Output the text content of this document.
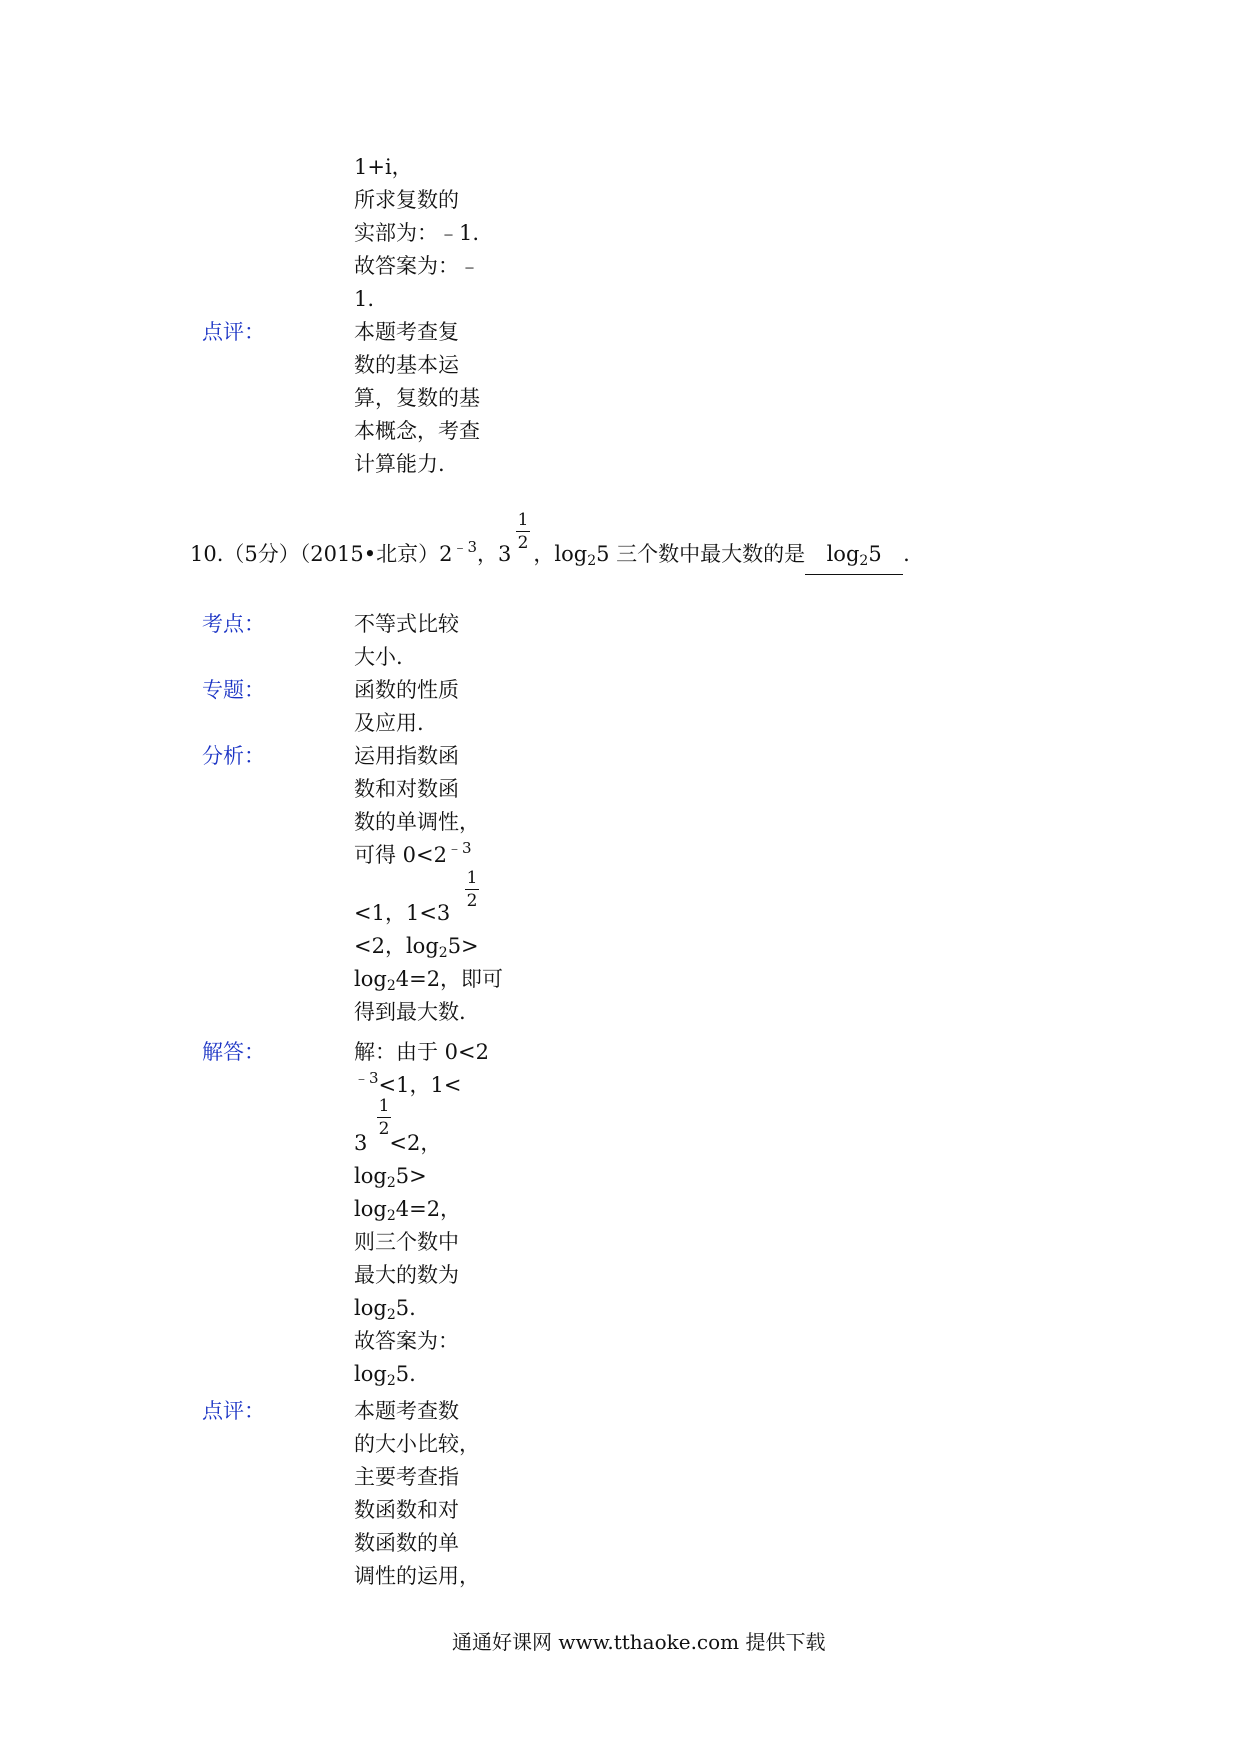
1+i，
所求复数的
实部为：﹣1.
故答案为：﹣
1.
点评：	本题考查复
数的基本运
算，复数的基
本概念，考查
计算能力.
10.（5分）（2015•北京）$2^{﹣3}$，3 ，log25 三个数中最大数的是 log25 .
1
2
考点：	不等式比较
大小.
专题：	函数的性质
及应用.
分析：	运用指数函
数和对数函
数的单调性，
可得 $0<2^{﹣3}$
<1，1<3
1
2
<2，log25>
log24=2，即可
得到最大数.
解答：	解：由于 0<2
$^{﹣3}$<1，1<
3 <2，
1
2
log25>
log24=2，
则三个数中
最大的数为
log25.
故答案为：
log25.
点评：	本题考查数
的大小比较，
主要考查指
数函数和对
数函数的单
调性的运用，
通通好课网 www.tthaoke.com 提供下载
